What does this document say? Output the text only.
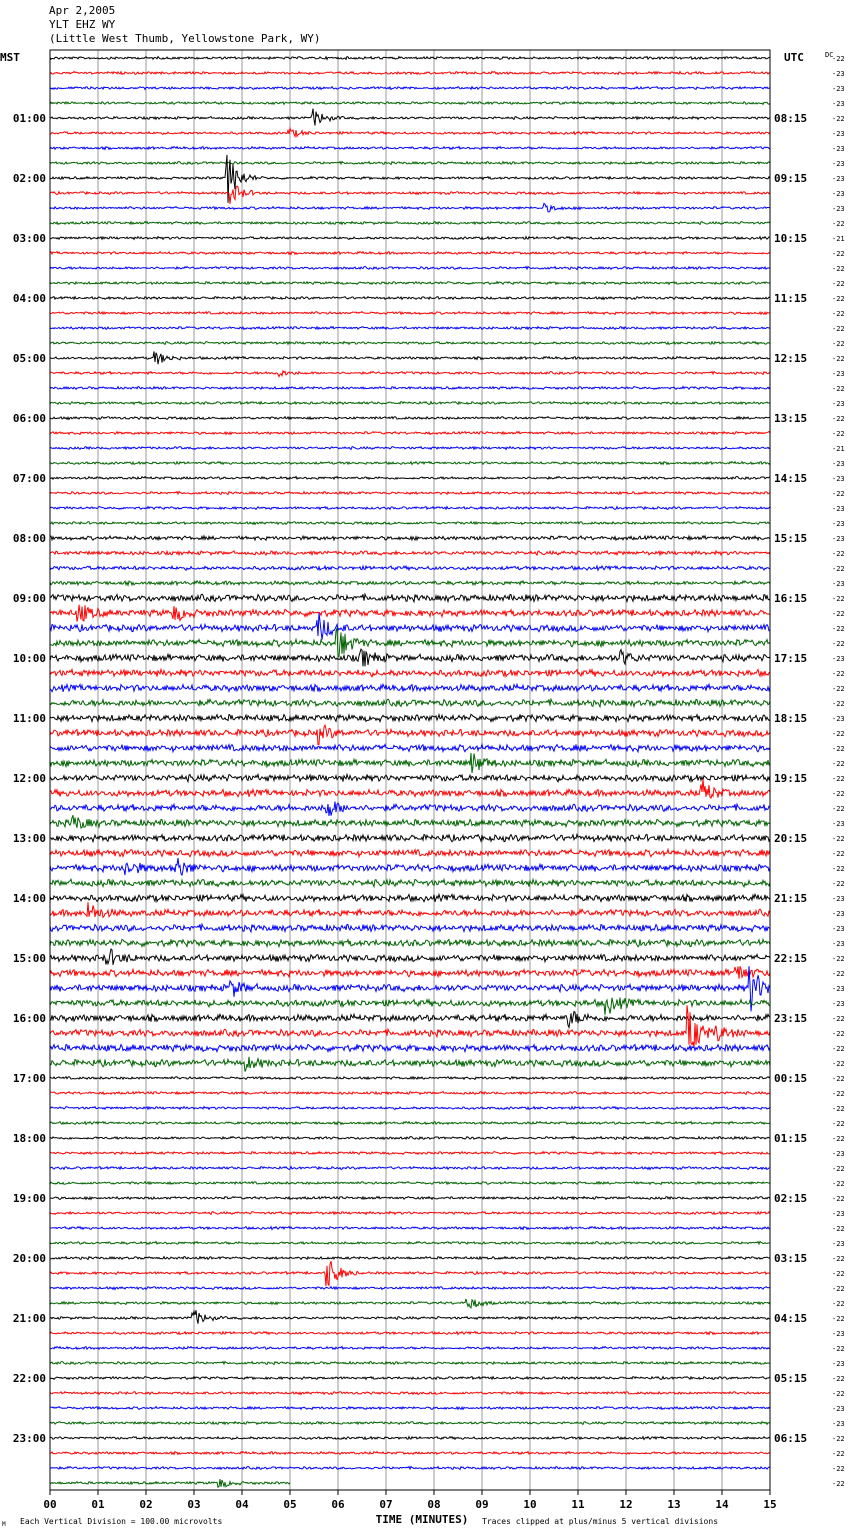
Apr 2,2005
YLT EHZ WY
(Little West Thumb, Yellowstone Park, WY)
01:00
02:00
03:00
04:00
05:00
06:00
07:00
08:00
09:00
10:00
11:00
12:00
13:00
14:00
15:00
16:00
17:00
18:00
19:00
20:00
21:00
22:00
23:00
08:15
09:15
10:15
11:15
12:15
13:15
14:15
15:15
16:15
17:15
18:15
19:15
20:15
21:15
22:15
23:15
00:15
01:15
02:15
03:15
04:15
05:15
06:15
-22
-23
-23
-23
-22
-23
-23
-23
-23
-23
-23
-22
-21
-22
-22
-22
-22
-22
-22
-22
-22
-23
-22
-23
-22
-22
-21
-23
-23
-22
-23
-23
-23
-22
-22
-23
-22
-22
-22
-22
-23
-22
-22
-22
-23
-22
-22
-22
-22
-22
-22
-23
-22
-22
-22
-22
-23
-23
-23
-23
-22
-22
-23
-23
-22
-22
-22
-22
-22
-22
-22
-22
-22
-23
-22
-22
-22
-23
-22
-23
-22
-22
-22
-22
-22
-23
-22
-23
-22
-22
-23
-23
-22
-22
-22
-22
00	01	02	03	04	05	06	07	08	09	10	11	12	13	14	15
MST	UTC	DC
TIME (MINUTES)
Each Vertical Division = 100.00 microvolts	Traces clipped at plus/minus 5 vertical divisions
M
